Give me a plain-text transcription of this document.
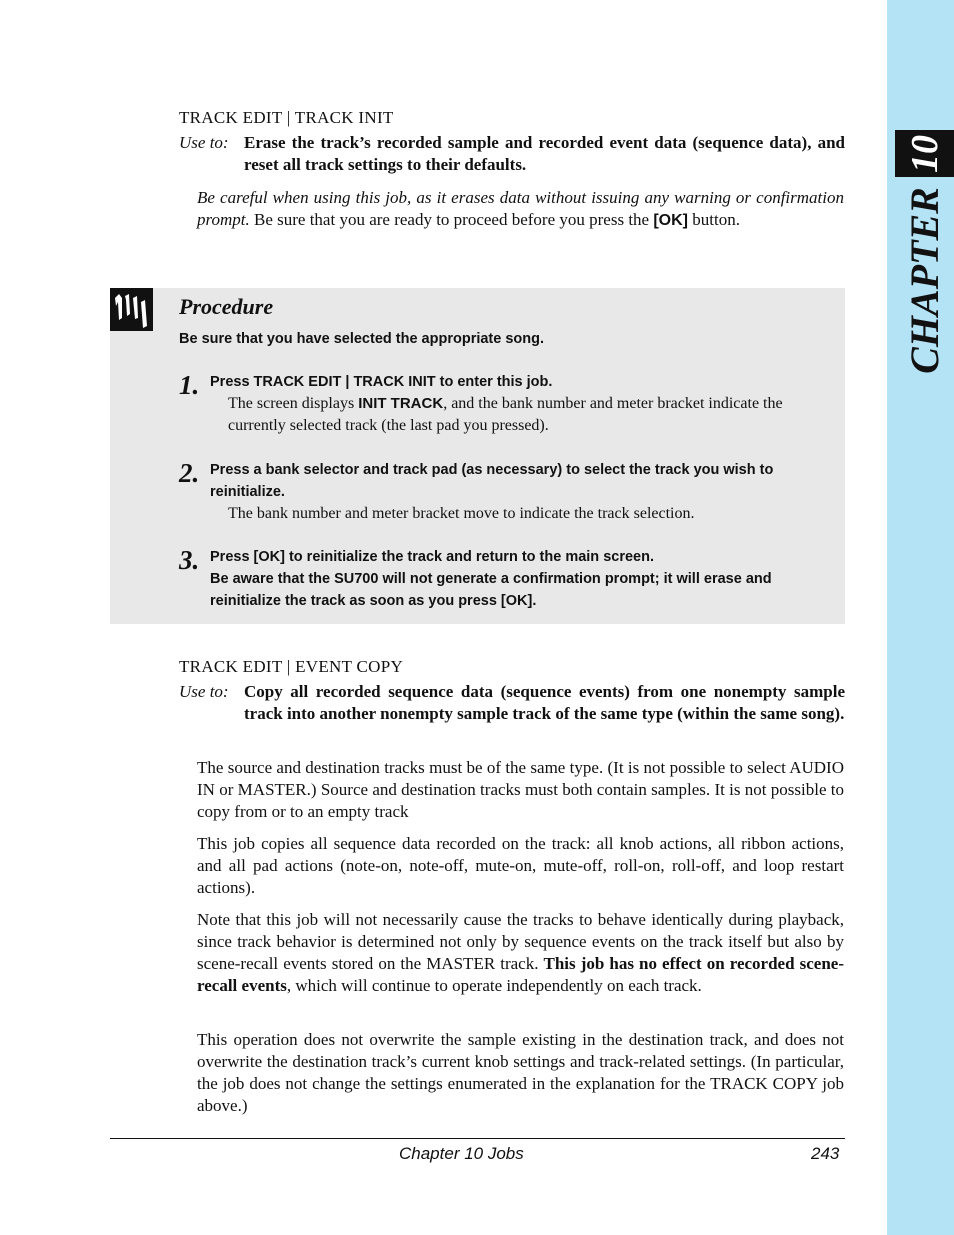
10
CHAPTER
TRACK EDIT | TRACK INIT
Use to: Erase the track’s recorded sample and recorded event data (sequence data), and reset all track settings to their defaults.
Be careful when using this job, as it erases data without issuing any warning or confirmation prompt. Be sure that you are ready to proceed before you press the [OK] button.
Procedure
Be sure that you have selected the appropriate song.
1. Press TRACK EDIT | TRACK INIT to enter this job.
The screen displays INIT TRACK, and the bank number and meter bracket indicate the currently selected track (the last pad you pressed).
2. Press a bank selector and track pad (as necessary) to select the track you wish to reinitialize.
The bank number and meter bracket move to indicate the track selection.
3. Press [OK] to reinitialize the track and return to the main screen.
Be aware that the SU700 will not generate a confirmation prompt; it will erase and reinitialize the track as soon as you press [OK].
TRACK EDIT | EVENT COPY
Use to: Copy all recorded sequence data (sequence events) from one nonempty sample track into another nonempty sample track of the same type (within the same song).
The source and destination tracks must be of the same type. (It is not possible to select AUDIO IN or MASTER.) Source and destination tracks must both contain samples. It is not possible to copy from or to an empty track
This job copies all sequence data recorded on the track: all knob actions, all ribbon actions, and all pad actions (note-on, note-off, mute-on, mute-off, roll-on, roll-off, and loop restart actions).
Note that this job will not necessarily cause the tracks to behave identically during playback, since track behavior is determined not only by sequence events on the track itself but also by scene-recall events stored on the MASTER track. This job has no effect on recorded scene-recall events, which will continue to operate independently on each track.
This operation does not overwrite the sample existing in the destination track, and does not overwrite the destination track’s current knob settings and track-related settings. (In particular, the job does not change the settings enumerated in the explanation for the TRACK COPY job above.)
Chapter 10 Jobs	243
